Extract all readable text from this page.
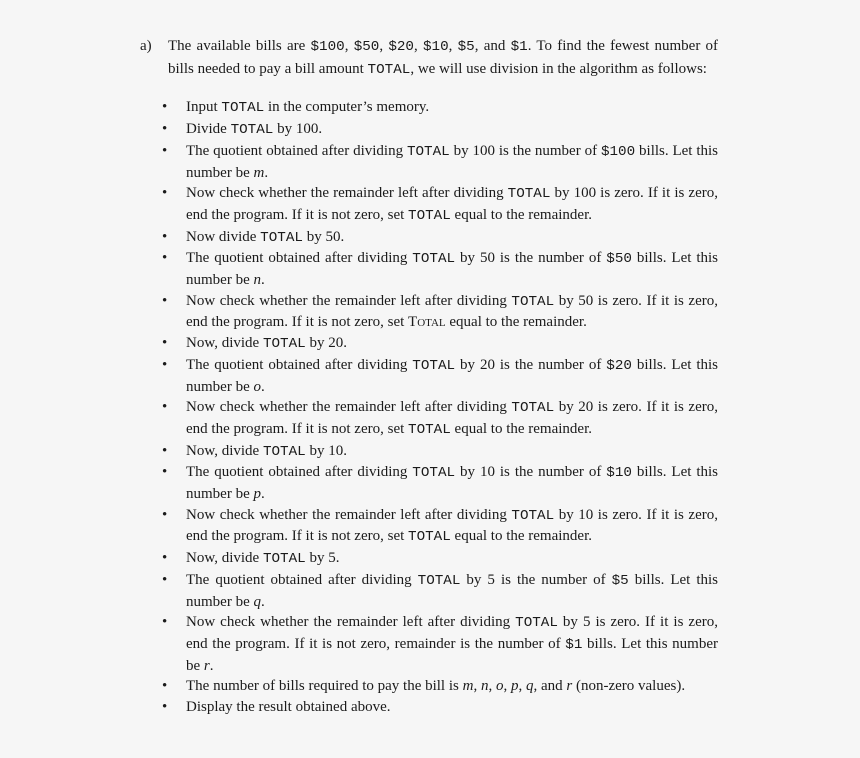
a) The available bills are $100, $50, $20, $10, $5, and $1. To find the fewest number of bills needed to pay a bill amount TOTAL, we will use division in the algorithm as follows:
• Input TOTAL in the computer’s memory.
• Divide TOTAL by 100.
• The quotient obtained after dividing TOTAL by 100 is the number of $100 bills. Let this number be m.
• Now check whether the remainder left after dividing TOTAL by 100 is zero. If it is zero, end the program. If it is not zero, set TOTAL equal to the remainder.
• Now divide TOTAL by 50.
• The quotient obtained after dividing TOTAL by 50 is the number of $50 bills. Let this number be n.
• Now check whether the remainder left after dividing TOTAL by 50 is zero. If it is zero, end the program. If it is not zero, set Total equal to the remainder.
• Now, divide TOTAL by 20.
• The quotient obtained after dividing TOTAL by 20 is the number of $20 bills. Let this number be o.
• Now check whether the remainder left after dividing TOTAL by 20 is zero. If it is zero, end the program. If it is not zero, set TOTAL equal to the remainder.
• Now, divide TOTAL by 10.
• The quotient obtained after dividing TOTAL by 10 is the number of $10 bills. Let this number be p.
• Now check whether the remainder left after dividing TOTAL by 10 is zero. If it is zero, end the program. If it is not zero, set TOTAL equal to the remainder.
• Now, divide TOTAL by 5.
• The quotient obtained after dividing TOTAL by 5 is the number of $5 bills. Let this number be q.
• Now check whether the remainder left after dividing TOTAL by 5 is zero. If it is zero, end the program. If it is not zero, remainder is the number of $1 bills. Let this number be r.
• The number of bills required to pay the bill is m, n, o, p, q, and r (non-zero values).
• Display the result obtained above.
